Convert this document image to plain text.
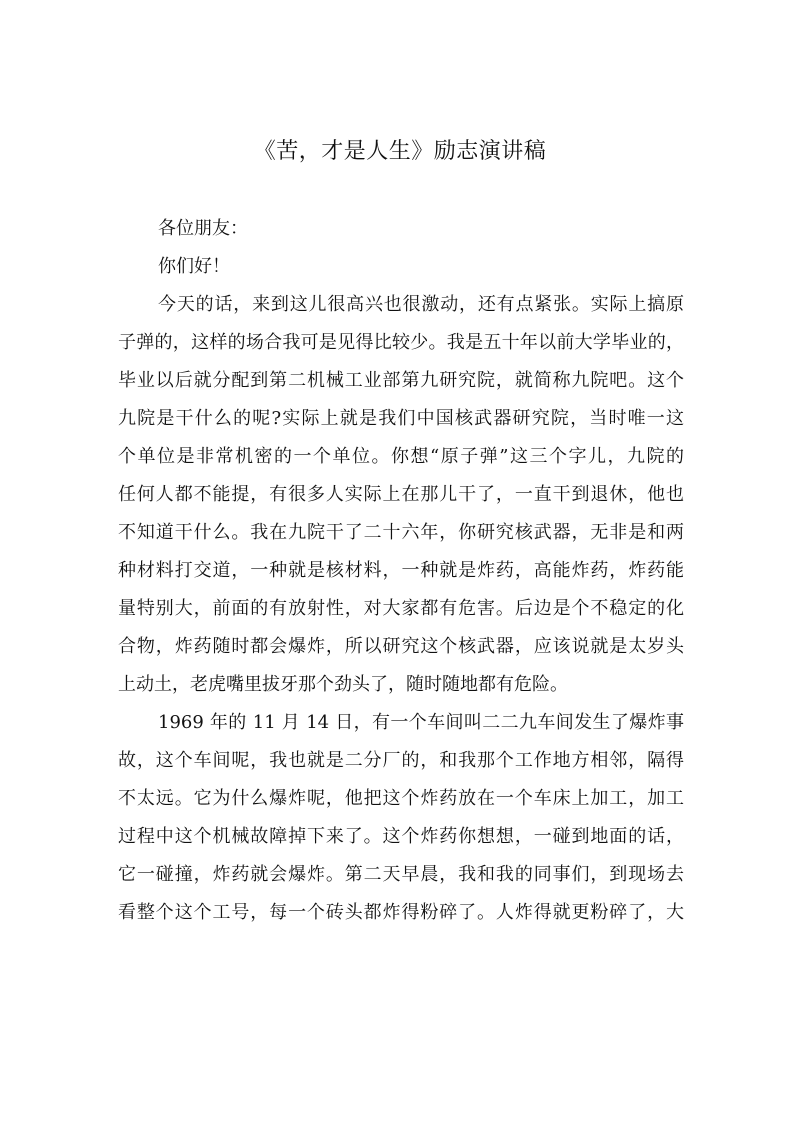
《苦，才是人生》励志演讲稿
各位朋友：
你们好！
今天的话，来到这儿很高兴也很激动，还有点紧张。实际上搞原
子弹的，这样的场合我可是见得比较少。我是五十年以前大学毕业的，
毕业以后就分配到第二机械工业部第九研究院，就简称九院吧。这个
九院是干什么的呢?实际上就是我们中国核武器研究院，当时唯一这
个单位是非常机密的一个单位。你想“原子弹”这三个字儿，九院的
任何人都不能提，有很多人实际上在那儿干了，一直干到退休，他也
不知道干什么。我在九院干了二十六年，你研究核武器，无非是和两
种材料打交道，一种就是核材料，一种就是炸药，高能炸药，炸药能
量特别大，前面的有放射性，对大家都有危害。后边是个不稳定的化
合物，炸药随时都会爆炸，所以研究这个核武器，应该说就是太岁头
上动土，老虎嘴里拔牙那个劲头了，随时随地都有危险。
1969 年的 11 月 14 日，有一个车间叫二二九车间发生了爆炸事
故，这个车间呢，我也就是二分厂的，和我那个工作地方相邻，隔得
不太远。它为什么爆炸呢，他把这个炸药放在一个车床上加工，加工
过程中这个机械故障掉下来了。这个炸药你想想，一碰到地面的话，
它一碰撞，炸药就会爆炸。第二天早晨，我和我的同事们，到现场去
看整个这个工号，每一个砖头都炸得粉碎了。人炸得就更粉碎了，大
